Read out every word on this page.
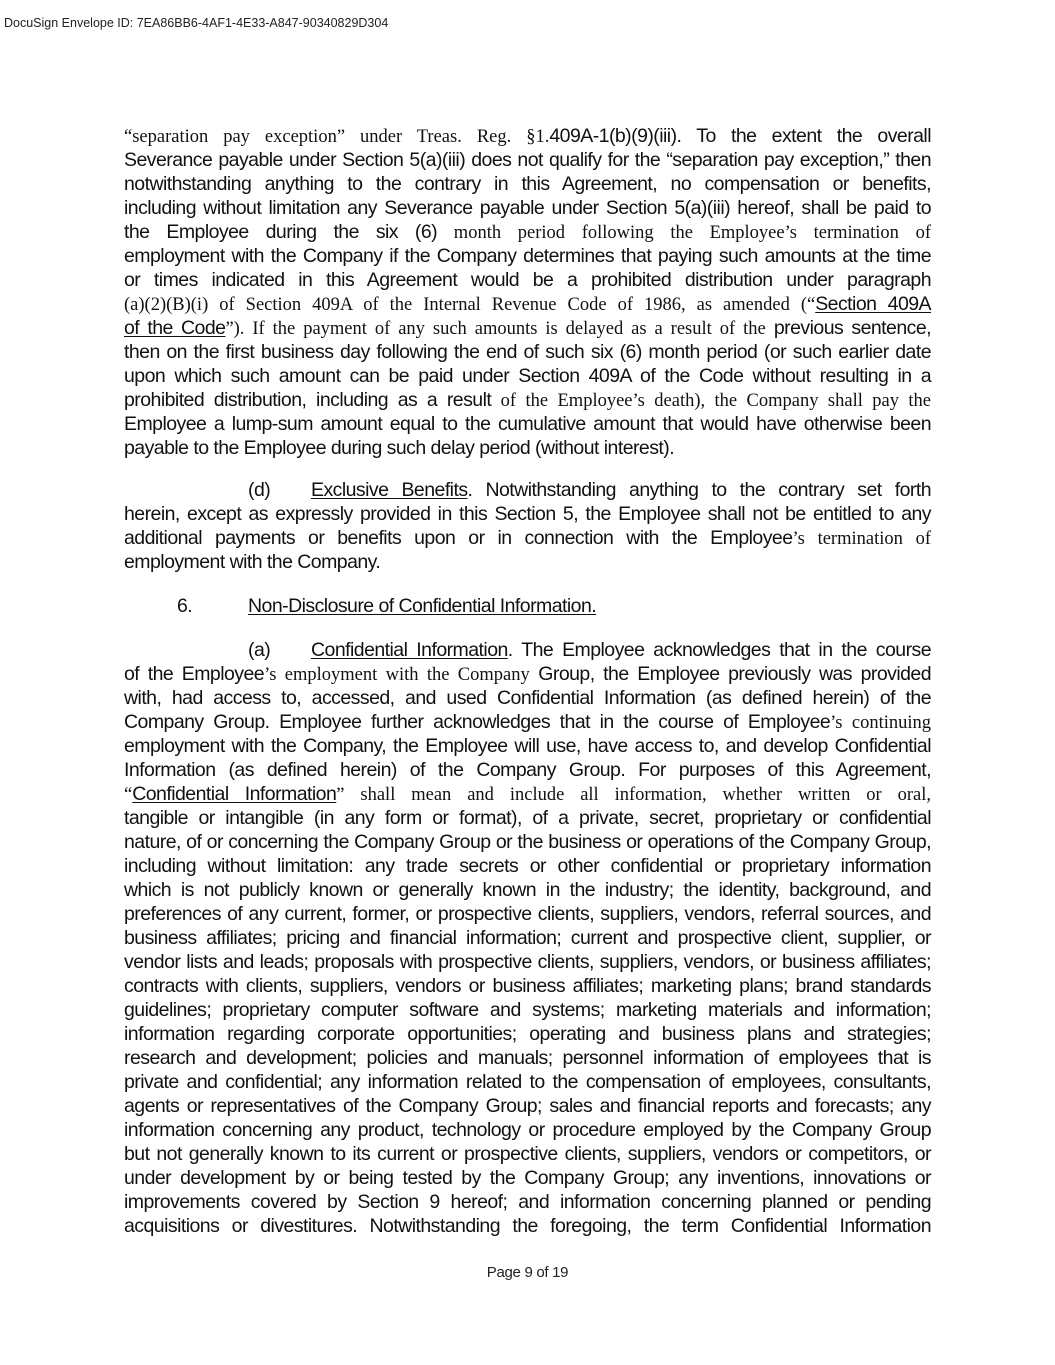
DocuSign Envelope ID: 7EA86BB6-4AF1-4E33-A847-90340829D304
“separation pay exception” under Treas. Reg. §1.409A-1(b)(9)(iii). To the extent the overall
Severance payable under Section 5(a)(iii) does not qualify for the “separation pay exception,” then
notwithstanding anything to the contrary in this Agreement, no compensation or benefits,
including without limitation any Severance payable under Section 5(a)(iii) hereof, shall be paid to
the Employee during the six (6) month period following the Employee’s termination of
employment with the Company if the Company determines that paying such amounts at the time
or times indicated in this Agreement would be a prohibited distribution under paragraph
(a)(2)(B)(i) of Section 409A of the Internal Revenue Code of 1986, as amended (“Section 409A
of the Code”). If the payment of any such amounts is delayed as a result of the previous sentence,
then on the first business day following the end of such six (6) month period (or such earlier date
upon which such amount can be paid under Section 409A of the Code without resulting in a
prohibited distribution, including as a result of the Employee’s death), the Company shall pay the
Employee a lump-sum amount equal to the cumulative amount that would have otherwise been
payable to the Employee during such delay period (without interest).
(d) Exclusive Benefits. Notwithstanding anything to the contrary set forth
herein, except as expressly provided in this Section 5, the Employee shall not be entitled to any
additional payments or benefits upon or in connection with the Employee’s termination of
employment with the Company.
6.	Non-Disclosure of Confidential Information.
(a) Confidential Information. The Employee acknowledges that in the course
of the Employee’s employment with the Company Group, the Employee previously was provided
with, had access to, accessed, and used Confidential Information (as defined herein) of the
Company Group. Employee further acknowledges that in the course of Employee’s continuing
employment with the Company, the Employee will use, have access to, and develop Confidential
Information (as defined herein) of the Company Group. For purposes of this Agreement,
“Confidential Information” shall mean and include all information, whether written or oral,
tangible or intangible (in any form or format), of a private, secret, proprietary or confidential
nature, of or concerning the Company Group or the business or operations of the Company Group,
including without limitation: any trade secrets or other confidential or proprietary information
which is not publicly known or generally known in the industry; the identity, background, and
preferences of any current, former, or prospective clients, suppliers, vendors, referral sources, and
business affiliates; pricing and financial information; current and prospective client, supplier, or
vendor lists and leads; proposals with prospective clients, suppliers, vendors, or business affiliates;
contracts with clients, suppliers, vendors or business affiliates; marketing plans; brand standards
guidelines; proprietary computer software and systems; marketing materials and information;
information regarding corporate opportunities; operating and business plans and strategies;
research and development; policies and manuals; personnel information of employees that is
private and confidential; any information related to the compensation of employees, consultants,
agents or representatives of the Company Group; sales and financial reports and forecasts; any
information concerning any product, technology or procedure employed by the Company Group
but not generally known to its current or prospective clients, suppliers, vendors or competitors, or
under development by or being tested by the Company Group; any inventions, innovations or
improvements covered by Section 9 hereof; and information concerning planned or pending
acquisitions or divestitures. Notwithstanding the foregoing, the term Confidential Information
Page 9 of 19
